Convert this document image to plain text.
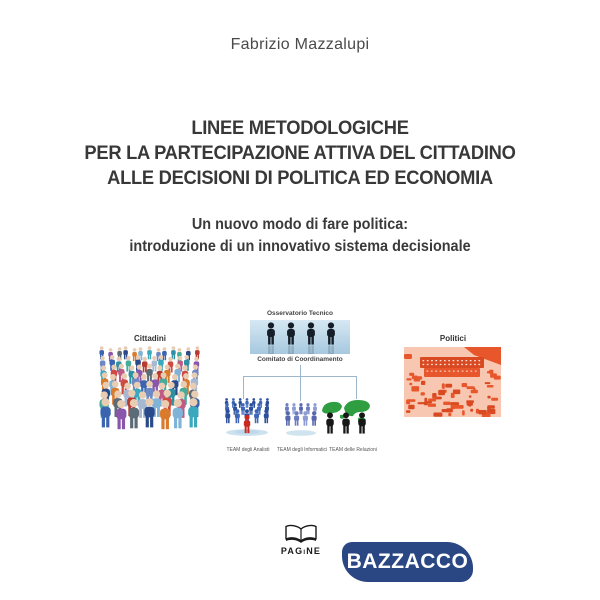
Fabrizio Mazzalupi
LINEE METODOLOGICHE
PER LA PARTECIPAZIONE ATTIVA DEL CITTADINO
ALLE DECISIONI DI POLITICA ED ECONOMIA
Un nuovo modo di fare politica:
introduzione di un innovativo sistema decisionale
Cittadini
Osservatorio Tecnico
Comitato di Coordinamento
TEAM degli Analisti	TEAM degli Informatici TEAM delle Relazioni
Politici
PAGiNE BAZZACCO
